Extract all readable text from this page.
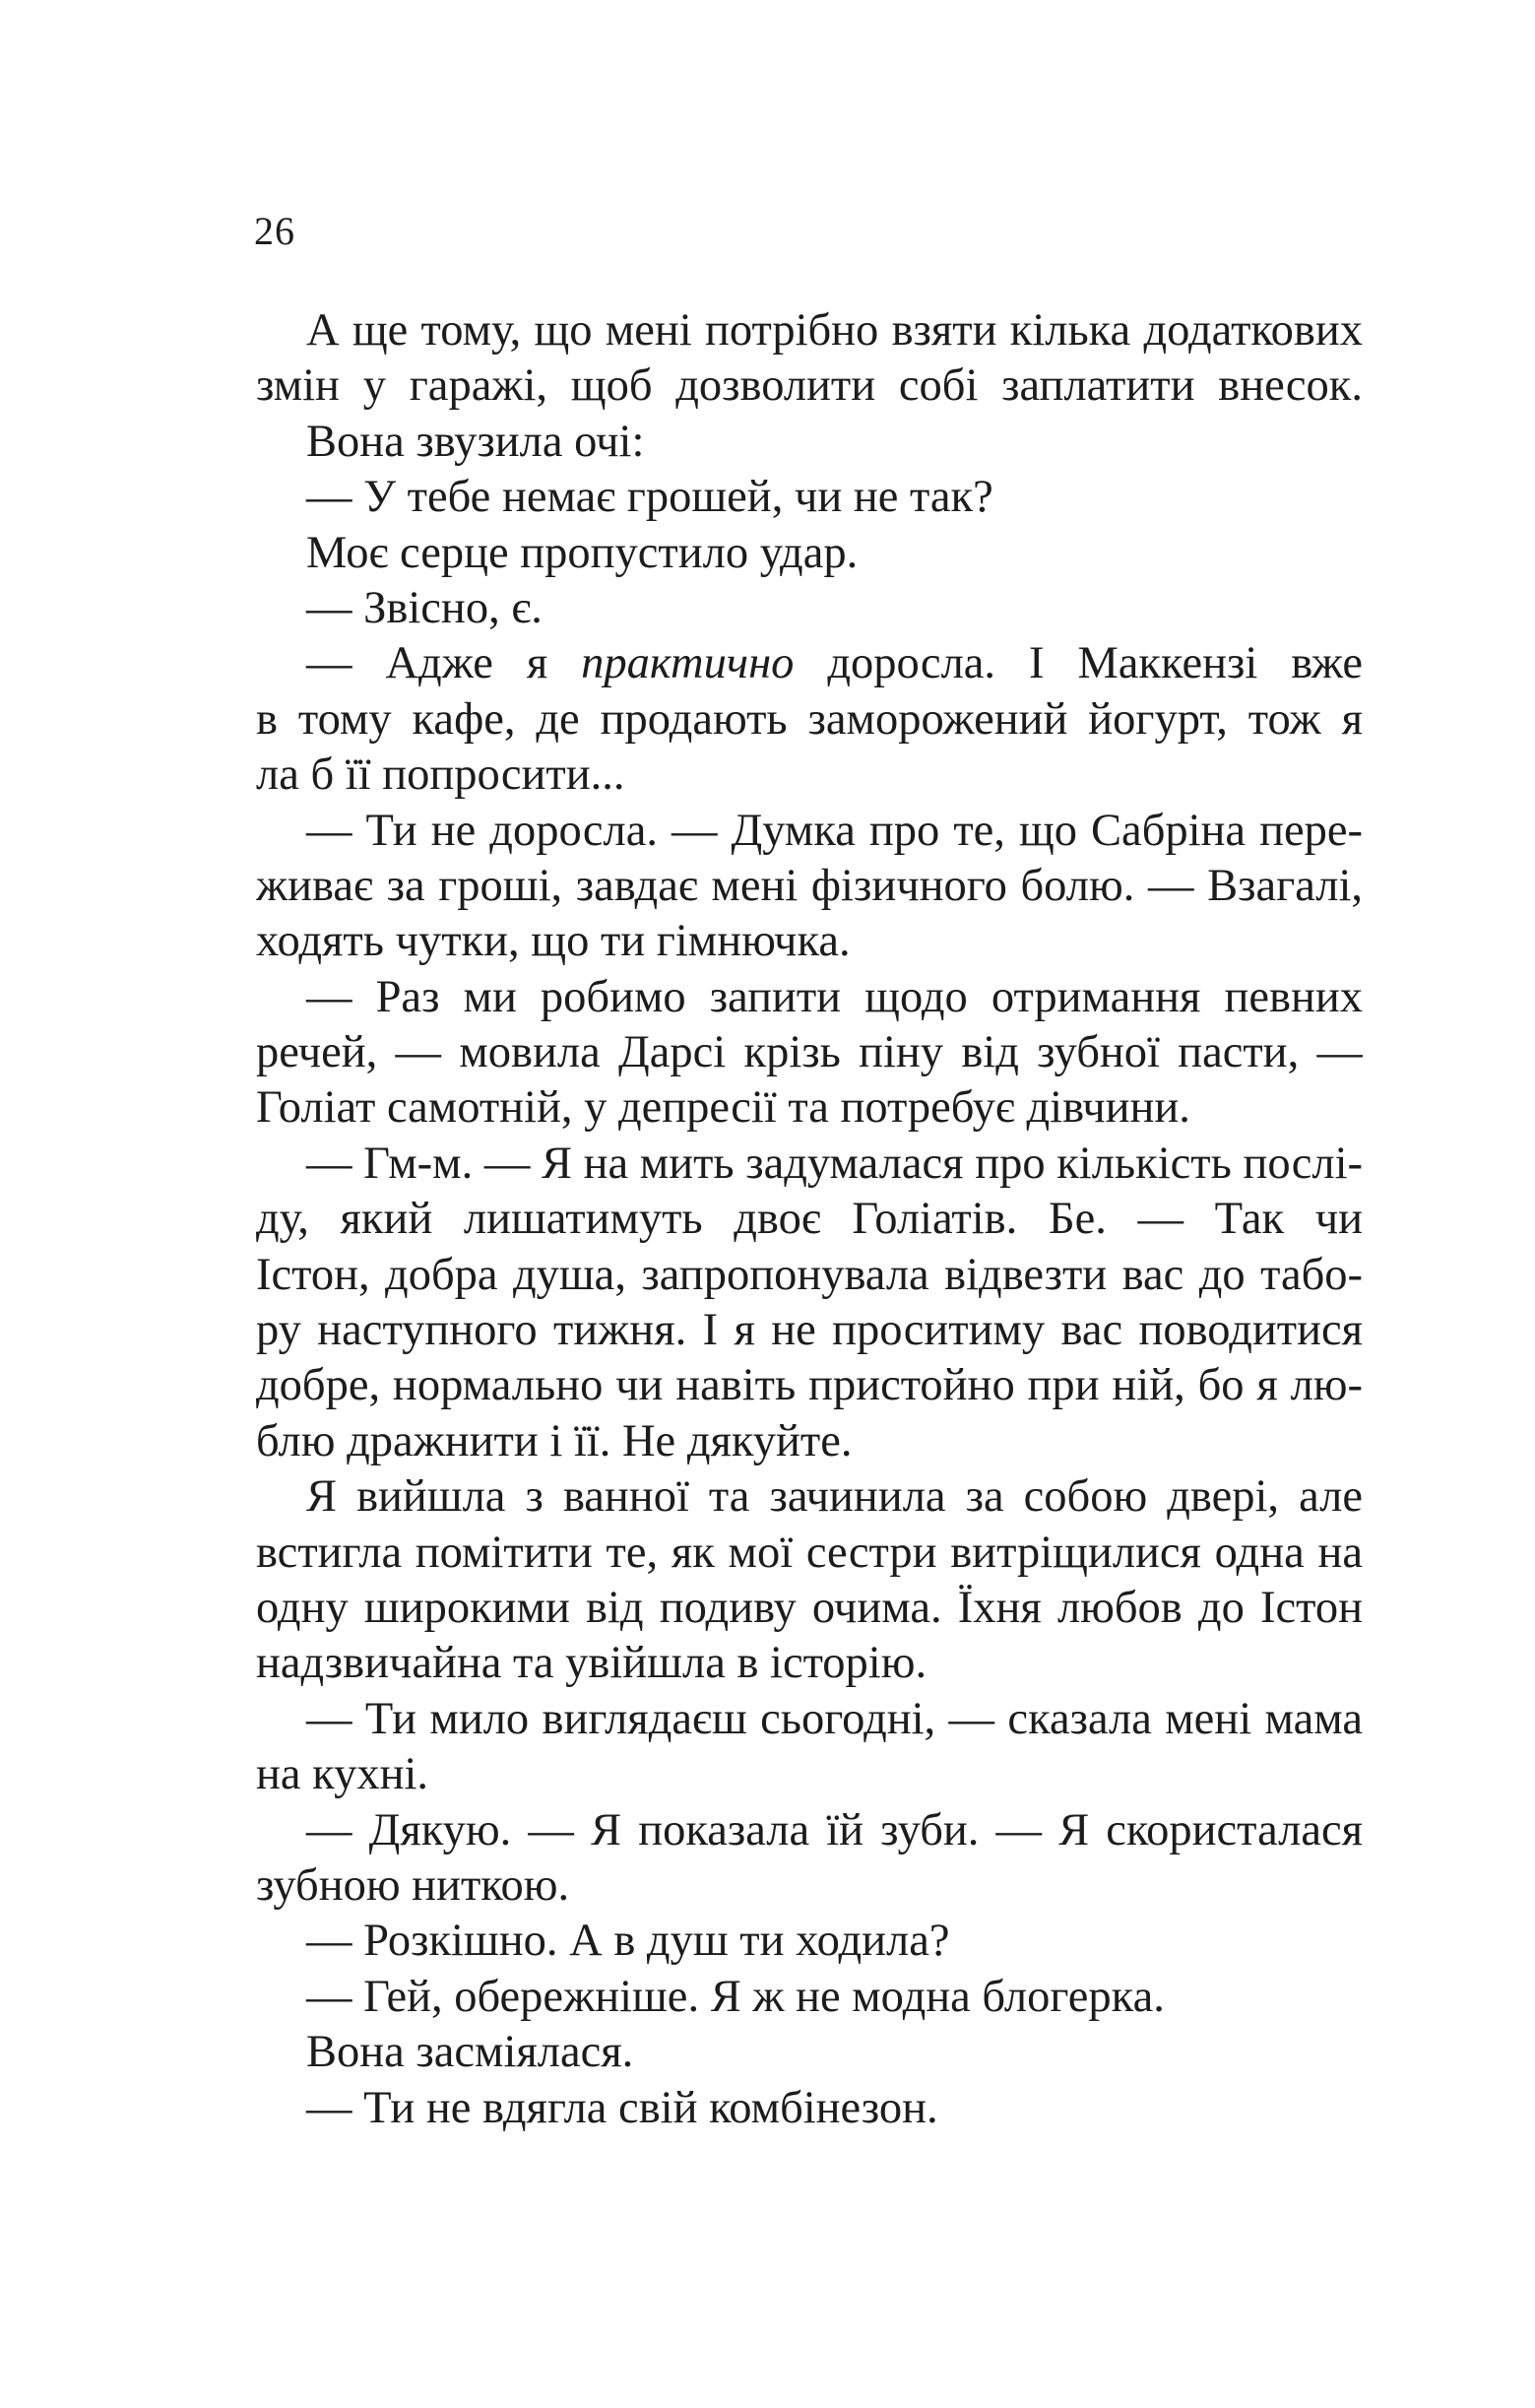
26
А ще тому, що мені потрібно взяти кілька додаткових
змін у гаражі, щоб дозволити собі заплатити внесок.
Вона звузила очі:
— У тебе немає грошей, чи не так?
Моє серце пропустило удар.
— Звісно, є.
— Адже я практично доросла. І Маккензі вже
в тому кафе, де продають заморожений йогурт, тож я
ла б її попросити...
— Ти не доросла. — Думка про те, що Сабріна пере-
живає за гроші, завдає мені фізичного болю. — Взагалі,
ходять чутки, що ти гімнючка.
— Раз ми робимо запити щодо отримання певних
речей, — мовила Дарсі крізь піну від зубної пасти, —
Голіат самотній, у депресії та потребує дівчини.
— Гм-м. — Я на мить задумалася про кількість послі-
ду, який лишатимуть двоє Голіатів. Бе. — Так чи
Істон, добра душа, запропонувала відвезти вас до табо-
ру наступного тижня. І я не проситиму вас поводитися
добре, нормально чи навіть пристойно при ній, бо я лю-
блю дражнити і її. Не дякуйте.
Я вийшла з ванної та зачинила за собою двері, але
встигла помітити те, як мої сестри витріщилися одна на
одну широкими від подиву очима. Їхня любов до Істон
надзвичайна та увійшла в історію.
— Ти мило виглядаєш сьогодні, — сказала мені мама
на кухні.
— Дякую. — Я показала їй зуби. — Я скористалася
зубною ниткою.
— Розкішно. А в душ ти ходила?
— Гей, обережніше. Я ж не модна блогерка.
Вона засміялася.
— Ти не вдягла свій комбінезон.
